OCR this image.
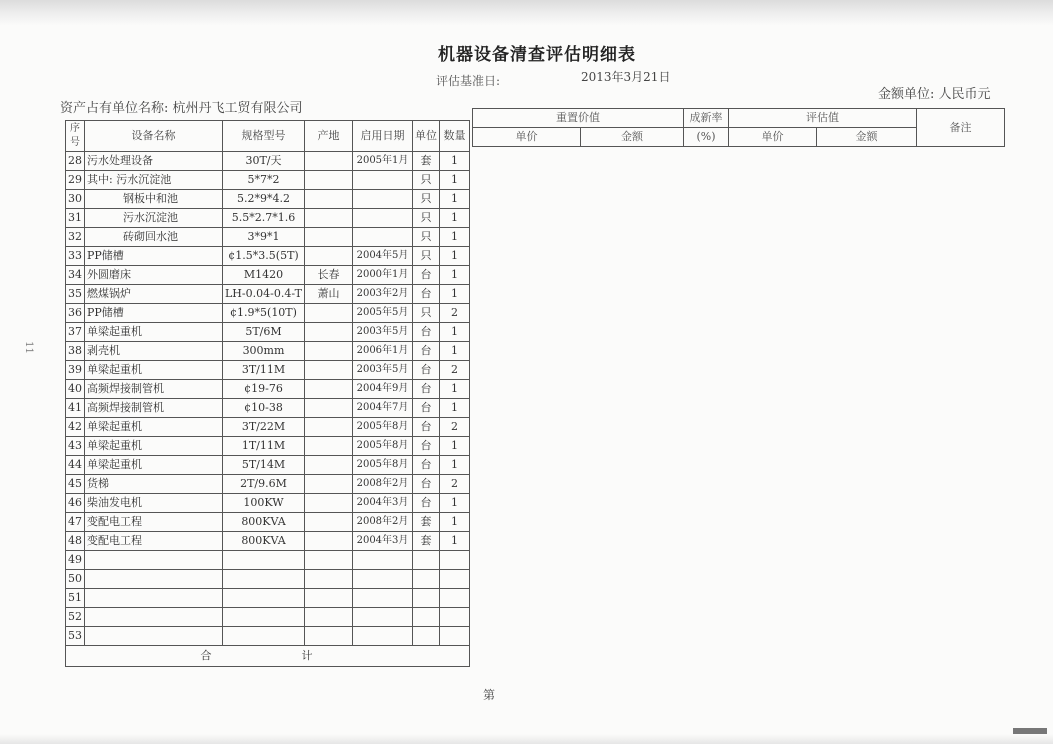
机器设备清查评估明细表
评估基准日:	2013年3月21日
金额单位: 人民币元
资产占有单位名称: 杭州丹飞工贸有限公司
11
第
序号	设备名称	规格型号	产地	启用日期	单位	数量
28	污水处理设备	30T/天		2005年1月	套	1
29	其中: 污水沉淀池	5*7*2			只	1
30	钢板中和池	5.2*9*4.2			只	1
31	污水沉淀池	5.5*2.7*1.6			只	1
32	砖砌回水池	3*9*1			只	1
33	PP储槽	¢1.5*3.5(5T)		2004年5月	只	1
34	外圆磨床	M1420	长春	2000年1月	台	1
35	燃煤锅炉	LH-0.04-0.4-T	萧山	2003年2月	台	1
36	PP储槽	¢1.9*5(10T)		2005年5月	只	2
37	单梁起重机	5T/6M		2003年5月	台	1
38	剥壳机	300mm		2006年1月	台	1
39	单梁起重机	3T/11M		2003年5月	台	2
40	高频焊接制管机	¢19-76		2004年9月	台	1
41	高频焊接制管机	¢10-38		2004年7月	台	1
42	单梁起重机	3T/22M		2005年8月	台	2
43	单梁起重机	1T/11M		2005年8月	台	1
44	单梁起重机	5T/14M		2005年8月	台	1
45	货梯	2T/9.6M		2008年2月	台	2
46	柴油发电机	100KW		2004年3月	台	1
47	变配电工程	800KVA		2008年2月	套	1
48	变配电工程	800KVA		2004年3月	套	1
49						
50						
51						
52						
53						
合计						
重置价值		成新率	评估值		备注
单价	金额	(%)	单价	金额	
